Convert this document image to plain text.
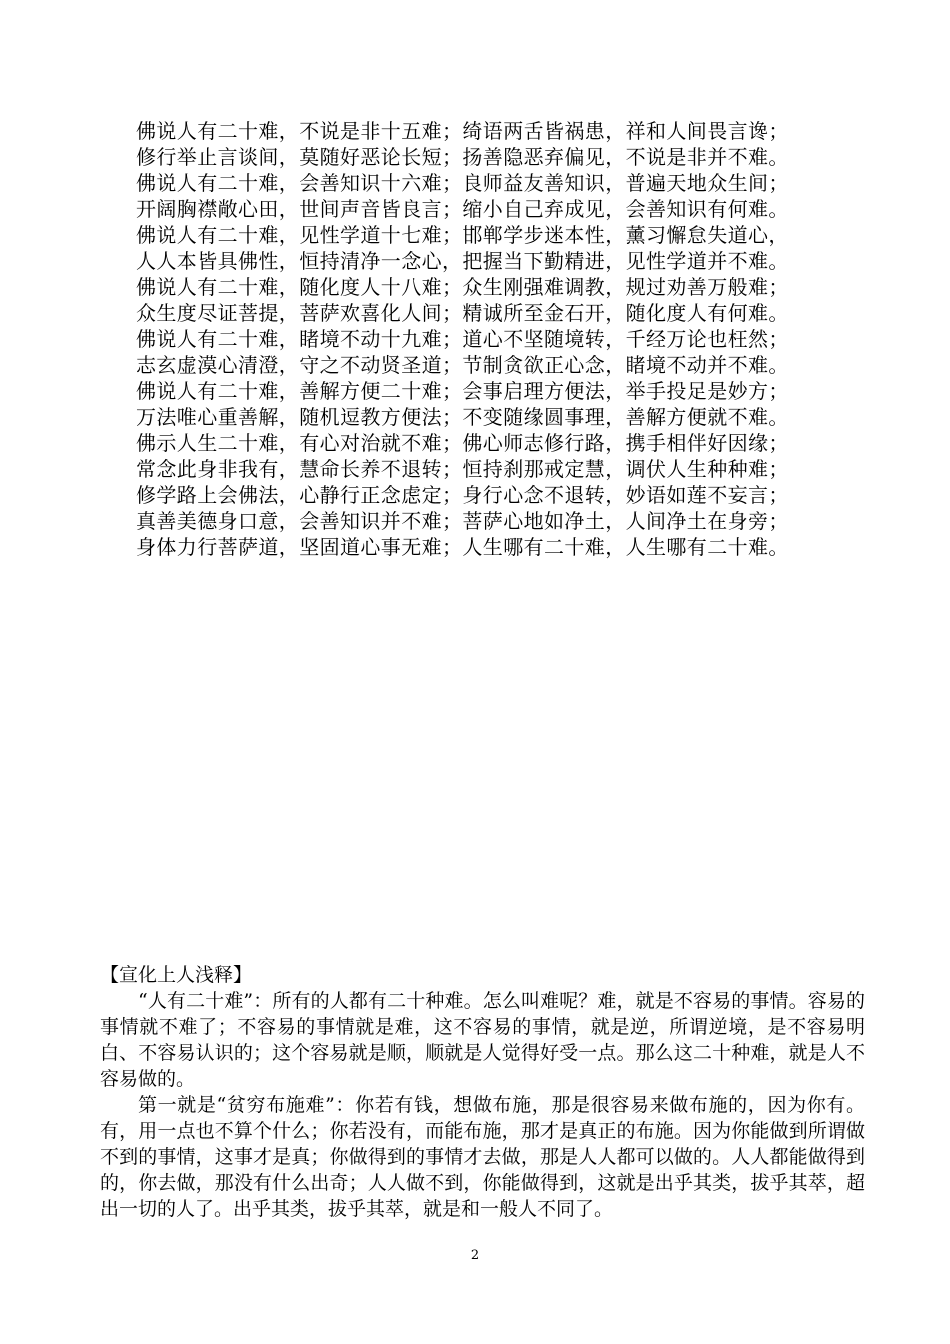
佛说人有二十难，不说是非十五难；绮语两舌皆祸患，祥和人间畏言谗；
修行举止言谈间，莫随好恶论长短；扬善隐恶弃偏见，不说是非并不难。
佛说人有二十难，会善知识十六难；良师益友善知识，普遍天地众生间；
开阔胸襟敞心田，世间声音皆良言；缩小自己弃成见，会善知识有何难。
佛说人有二十难，见性学道十七难；邯郸学步迷本性，薰习懈怠失道心，
人人本皆具佛性，恒持清净一念心，把握当下勤精进，见性学道并不难。
佛说人有二十难，随化度人十八难；众生刚强难调教，规过劝善万般难；
众生度尽证菩提，菩萨欢喜化人间；精诚所至金石开，随化度人有何难。
佛说人有二十难，睹境不动十九难；道心不坚随境转，千经万论也枉然；
志玄虚漠心清澄，守之不动贤圣道；节制贪欲正心念，睹境不动并不难。
佛说人有二十难，善解方便二十难；会事启理方便法，举手投足是妙方；
万法唯心重善解，随机逗教方便法；不变随缘圆事理，善解方便就不难。
佛示人生二十难，有心对治就不难；佛心师志修行路，携手相伴好因缘；
常念此身非我有，慧命长养不退转；恒持刹那戒定慧，调伏人生种种难；
修学路上会佛法，心静行正念虑定；身行心念不退转，妙语如莲不妄言；
真善美德身口意，会善知识并不难；菩萨心地如净土，人间净土在身旁；
身体力行菩萨道，坚固道心事无难；人生哪有二十难，人生哪有二十难。
【宣化上人浅释】

“人有二十难”：所有的人都有二十种难。怎么叫难呢？难，就是不容易的事情。容易的事情就不难了；不容易的事情就是难，这不容易的事情，就是逆，所谓逆境，是不容易明白、不容易认识的；这个容易就是顺，顺就是人觉得好受一点。那么这二十种难，就是人不容易做的。

第一就是“贫穷布施难”：你若有钱，想做布施，那是很容易来做布施的，因为你有。有，用一点也不算个什么；你若没有，而能布施，那才是真正的布施。因为你能做到所谓做不到的事情，这事才是真；你做得到的事情才去做，那是人人都可以做的。人人都能做得到的，你去做，那没有什么出奇；人人做不到，你能做得到，这就是出乎其类，拔乎其萃，超出一切的人了。出乎其类，拔乎其萃，就是和一般人不同了。

2
